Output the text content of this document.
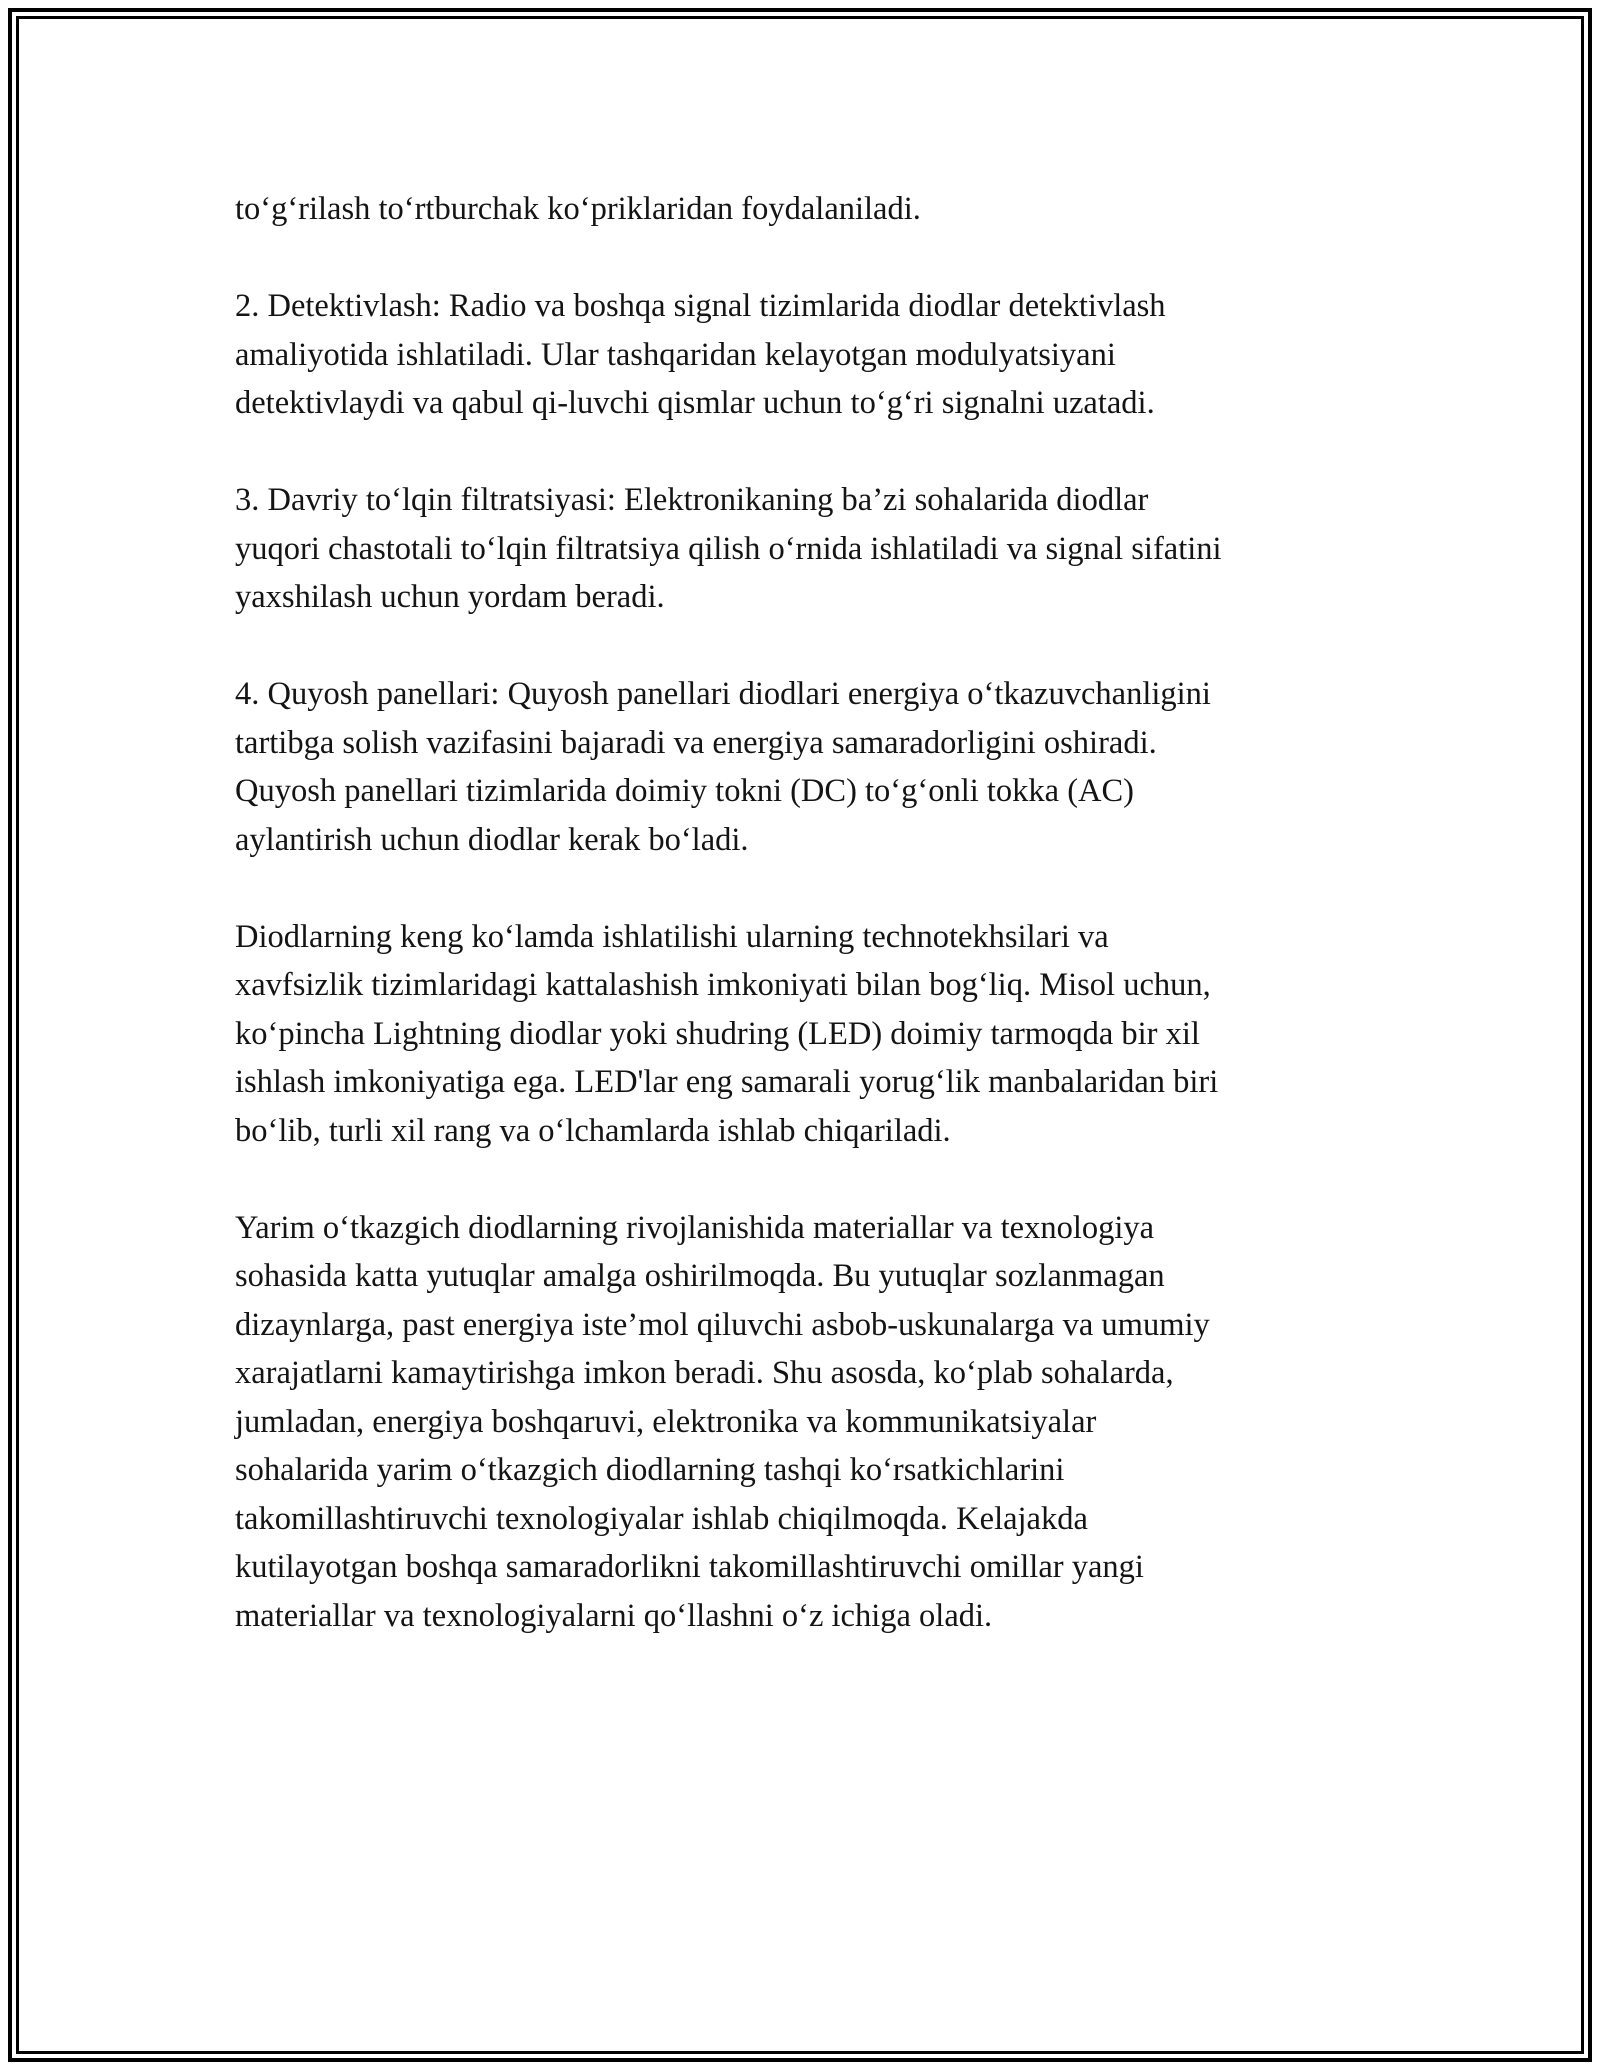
to‘g‘rilash to‘rtburchak ko‘priklaridan foydalaniladi.

2. Detektivlash: Radio va boshqa signal tizimlarida diodlar detektivlash
amaliyotida ishlatiladi. Ular tashqaridan kelayotgan modulyatsiyani
detektivlaydi va qabul qi-luvchi qismlar uchun to‘g‘ri signalni uzatadi.

3. Davriy to‘lqin filtratsiyasi: Elektronikaning ba’zi sohalarida diodlar
yuqori chastotali to‘lqin filtratsiya qilish o‘rnida ishlatiladi va signal sifatini
yaxshilash uchun yordam beradi.

4. Quyosh panellari: Quyosh panellari diodlari energiya o‘tkazuvchanligini
tartibga solish vazifasini bajaradi va energiya samaradorligini oshiradi.
Quyosh panellari tizimlarida doimiy tokni (DC) to‘g‘onli tokka (AC)
aylantirish uchun diodlar kerak bo‘ladi.

Diodlarning keng ko‘lamda ishlatilishi ularning technotekhsilari va
xavfsizlik tizimlaridagi kattalashish imkoniyati bilan bog‘liq. Misol uchun,
ko‘pincha Lightning diodlar yoki shudring (LED) doimiy tarmoqda bir xil
ishlash imkoniyatiga ega. LED'lar eng samarali yorug‘lik manbalaridan biri
bo‘lib, turli xil rang va o‘lchamlarda ishlab chiqariladi.

Yarim o‘tkazgich diodlarning rivojlanishida materiallar va texnologiya
sohasida katta yutuqlar amalga oshirilmoqda. Bu yutuqlar sozlanmagan
dizaynlarga, past energiya iste’mol qiluvchi asbob-uskunalarga va umumiy
xarajatlarni kamaytirishga imkon beradi. Shu asosda, ko‘plab sohalarda,
jumladan, energiya boshqaruvi, elektronika va kommunikatsiyalar
sohalarida yarim o‘tkazgich diodlarning tashqi ko‘rsatkichlarini
takomillashtiruvchi texnologiyalar ishlab chiqilmoqda. Kelajakda
kutilayotgan boshqa samaradorlikni takomillashtiruvchi omillar yangi
materiallar va texnologiyalarni qo‘llashni o‘z ichiga oladi.
